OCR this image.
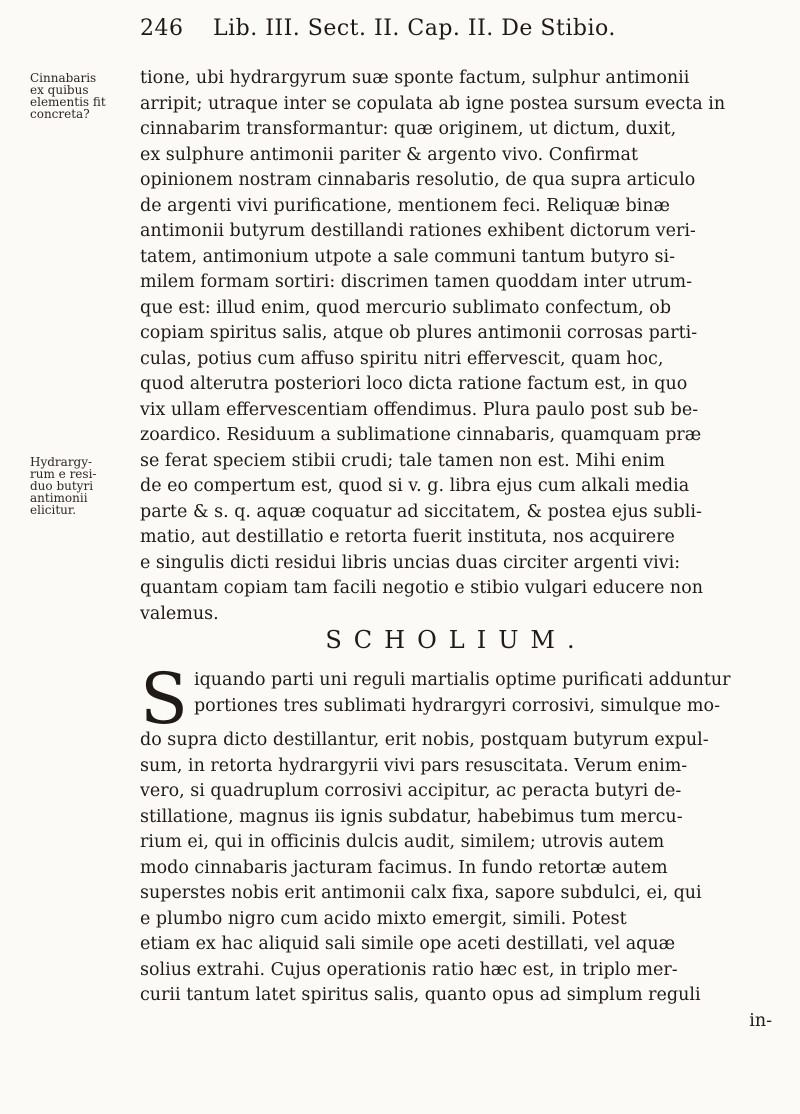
246 Lib. III. Sect. II. Cap. II. De Stibio.
Cinnabaris
ex quibus
elementis fit
concreta?
Hydrargy-
rum e resi-
duo butyri
antimonii
elicitur.
tione, ubi hydrargyrum suæ sponte factum, sulphur antimonii
arripit; utraque inter se copulata ab igne postea sursum evecta in
cinnabarim transformantur: quæ originem, ut dictum, duxit,
ex sulphure antimonii pariter & argento vivo. Confirmat
opinionem nostram cinnabaris resolutio, de qua supra articulo
de argenti vivi purificatione, mentionem feci. Reliquæ binæ
antimonii butyrum destillandi rationes exhibent dictorum veri-
tatem, antimonium utpote a sale communi tantum butyro si-
milem formam sortiri: discrimen tamen quoddam inter utrum-
que est: illud enim, quod mercurio sublimato confectum, ob
copiam spiritus salis, atque ob plures antimonii corrosas parti-
culas, potius cum affuso spiritu nitri effervescit, quam hoc,
quod alterutra posteriori loco dicta ratione factum est, in quo
vix ullam effervescentiam offendimus. Plura paulo post sub be-
zoardico. Residuum a sublimatione cinnabaris, quamquam præ
se ferat speciem stibii crudi; tale tamen non est. Mihi enim
de eo compertum est, quod si v. g. libra ejus cum alkali media
parte & s. q. aquæ coquatur ad siccitatem, & postea ejus subli-
matio, aut destillatio e retorta fuerit instituta, nos acquirere
e singulis dicti residui libris uncias duas circiter argenti vivi:
quantam copiam tam facili negotio e stibio vulgari educere non
valemus.
SCHOLIUM.
S iquando parti uni reguli martialis optime purificati adduntur
portiones tres sublimati hydrargyri corrosivi, simulque mo-
do supra dicto destillantur, erit nobis, postquam butyrum expul-
sum, in retorta hydrargyrii vivi pars resuscitata. Verum enim-
vero, si quadruplum corrosivi accipitur, ac peracta butyri de-
stillatione, magnus iis ignis subdatur, habebimus tum mercu-
rium ei, qui in officinis dulcis audit, similem; utrovis autem
modo cinnabaris jacturam facimus. In fundo retortæ autem
superstes nobis erit antimonii calx fixa, sapore subdulci, ei, qui
e plumbo nigro cum acido mixto emergit, simili. Potest
etiam ex hac aliquid sali simile ope aceti destillati, vel aquæ
solius extrahi. Cujus operationis ratio hæc est, in triplo mer-
curii tantum latet spiritus salis, quanto opus ad simplum reguli
in-
